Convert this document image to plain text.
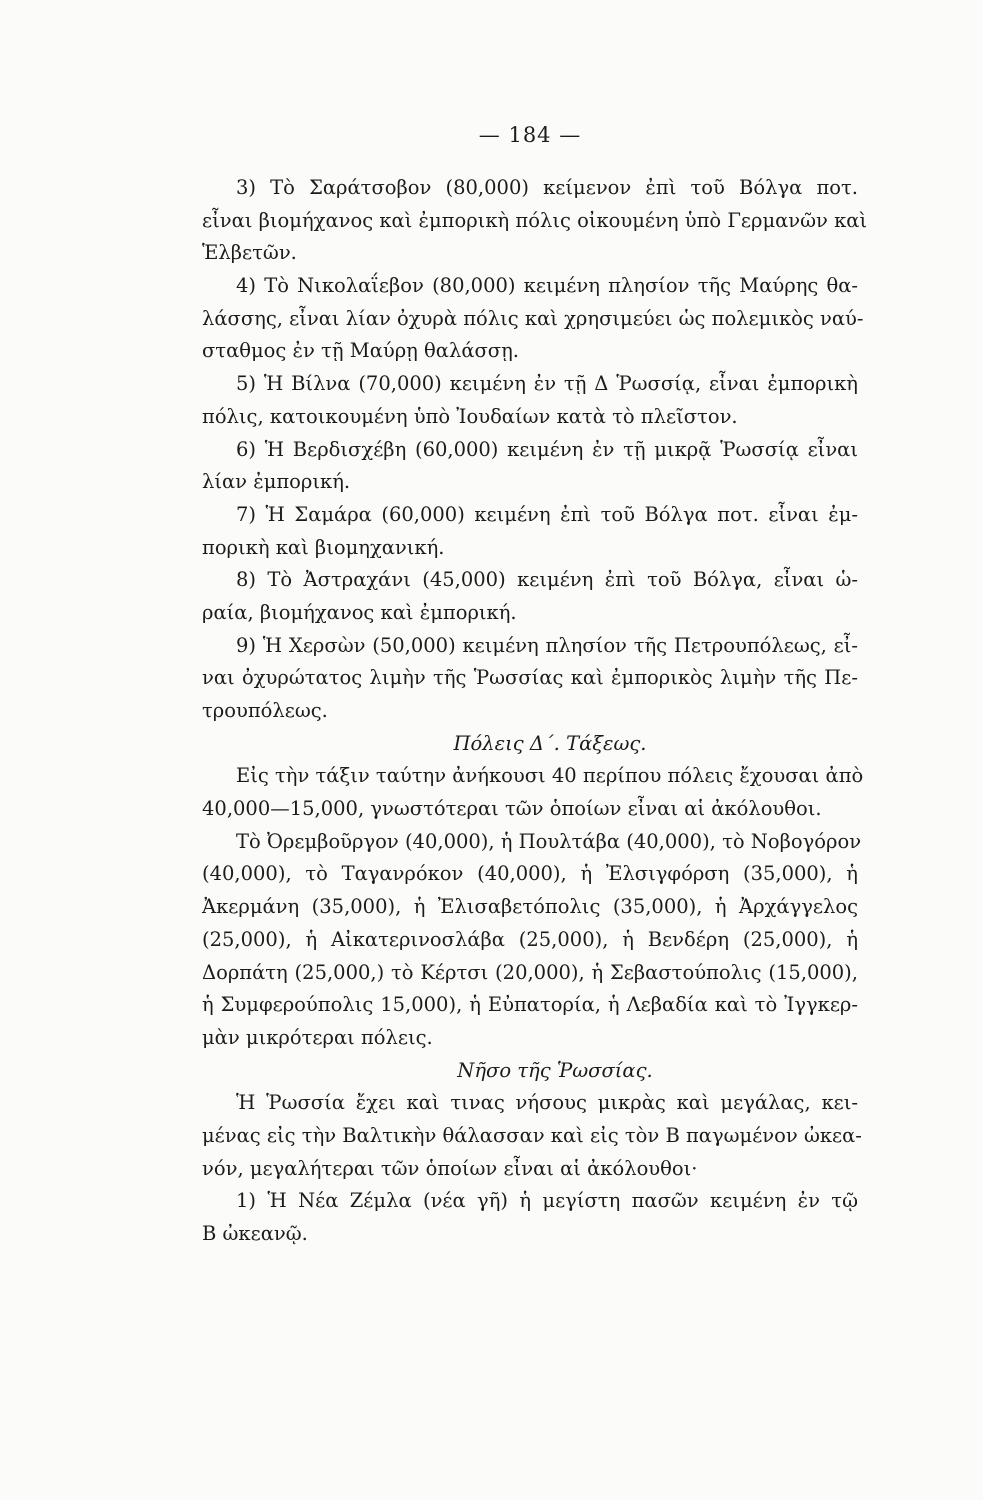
— 184 —
3) Τὸ Σαράτσοβον (80,000) κείμενον ἐπὶ τοῦ Βόλγα ποτ.
εἶναι βιομήχανος καὶ ἐμπορικὴ πόλις οἰκουμένη ὑπὸ Γερμανῶν καὶ
Ἑλβετῶν.
4) Τὸ Νικολαΐεβον (80,000) κειμένη πλησίον τῆς Μαύρης θα-
λάσσης, εἶναι λίαν ὀχυρὰ πόλις καὶ χρησιμεύει ὡς πολεμικὸς ναύ-
σταθμος ἐν τῇ Μαύρῃ θαλάσσῃ.
5) Ἡ Βίλνα (70,000) κειμένη ἐν τῇ Δ Ῥωσσίᾳ, εἶναι ἐμπορικὴ
πόλις, κατοικουμένη ὑπὸ Ἰουδαίων κατὰ τὸ πλεῖστον.
6) Ἡ Βερδισχέβη (60,000) κειμένη ἐν τῇ μικρᾷ Ῥωσσίᾳ εἶναι
λίαν ἐμπορική.
7) Ἡ Σαμάρα (60,000) κειμένη ἐπὶ τοῦ Βόλγα ποτ. εἶναι ἐμ-
πορικὴ καὶ βιομηχανική.
8) Τὸ Ἀστραχάνι (45,000) κειμένη ἐπὶ τοῦ Βόλγα, εἶναι ὡ-
ραία, βιομήχανος καὶ ἐμπορική.
9) Ἡ Χερσὼν (50,000) κειμένη πλησίον τῆς Πετρουπόλεως, εἶ-
ναι ὀχυρώτατος λιμὴν τῆς Ῥωσσίας καὶ ἐμπορικὸς λιμὴν τῆς Πε-
τρουπόλεως.
Πόλεις Δ΄. Τάξεως.
Εἰς τὴν τάξιν ταύτην ἀνήκουσι 40 περίπου πόλεις ἔχουσαι ἀπὸ
40,000—15,000, γνωστότεραι τῶν ὁποίων εἶναι αἱ ἀκόλουθοι.
Τὸ Ὀρεμβοῦργον (40,000), ἡ Πουλτάβα (40,000), τὸ Νοβογόρον
(40,000), τὸ Ταγανρόκον (40,000), ἡ Ἐλσιγφόρση (35,000), ἡ
Ἀκερμάνη (35,000), ἡ Ἐλισαβετόπολις (35,000), ἡ Ἀρχάγγελος
(25,000), ἡ Αἰκατερινοσλάβα (25,000), ἡ Βενδέρη (25,000), ἡ
Δορπάτη (25,000,) τὸ Κέρτσι (20,000), ἡ Σεβαστούπολις (15,000),
ἡ Συμφερούπολις 15,000), ἡ Εὐπατορία, ἡ Λεβαδία καὶ τὸ Ἰγγκερ-
μὰν μικρότεραι πόλεις.
Νῆσο τῆς Ῥωσσίας.
Ἡ Ῥωσσία ἔχει καὶ τινας νήσους μικρὰς καὶ μεγάλας, κει-
μένας εἰς τὴν Βαλτικὴν θάλασσαν καὶ εἰς τὸν Β παγωμένον ὠκεα-
νόν, μεγαλήτεραι τῶν ὁποίων εἶναι αἱ ἀκόλουθοι·
1) Ἡ Νέα Ζέμλα (νέα γῆ) ἡ μεγίστη πασῶν κειμένη ἐν τῷ
Β ὠκεανῷ.
